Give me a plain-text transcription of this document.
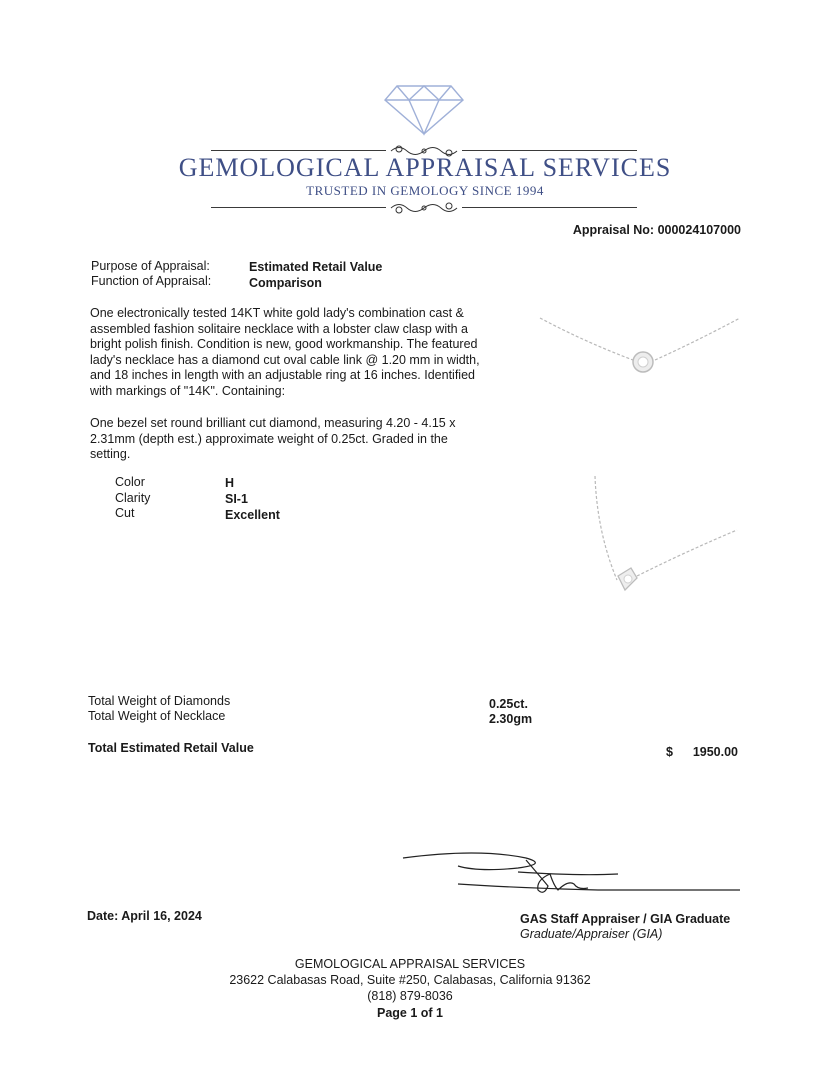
GEMOLOGICAL APPRAISAL SERVICES
TRUSTED IN GEMOLOGY SINCE 1994
Appraisal No: 000024107000
Purpose of Appraisal:	Estimated Retail Value
Function of Appraisal:	Comparison

One electronically tested 14KT white gold lady's combination cast & assembled fashion solitaire necklace with a lobster claw clasp with a bright polish finish. Condition is new, good workmanship. The featured lady's necklace has a diamond cut oval cable link @ 1.20 mm in width, and 18 inches in length with an adjustable ring at 16 inches. Identified with markings of "14K". Containing:

One bezel set round brilliant cut diamond, measuring 4.20 - 4.15 x 2.31mm (depth est.) approximate weight of 0.25ct. Graded in the setting.

Color	H
Clarity	SI-1
Cut	Excellent
Total Weight of Diamonds	0.25ct.
Total Weight of Necklace	2.30gm
Total Estimated Retail Value	$	1950.00
Date: April 16, 2024	GAS Staff Appraiser / GIA Graduate
Graduate/Appraiser (GIA)
GEMOLOGICAL APPRAISAL SERVICES
23622 Calabasas Road, Suite #250, Calabasas, California 91362
(818) 879-8036
Page 1 of 1
